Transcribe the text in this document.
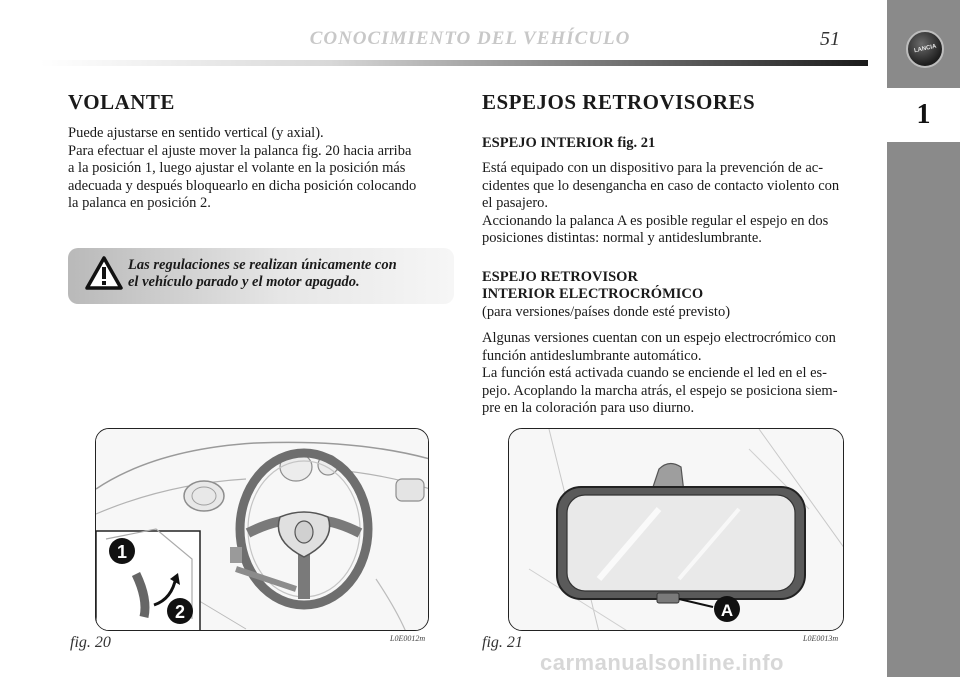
CONOCIMIENTO DEL VEHÍCULO	51	LANCIA
1
VOLANTE
Puede ajustarse en sentido vertical (y axial).
Para efectuar el ajuste mover la palanca fig. 20 hacia arriba
a la posición 1, luego ajustar el volante en la posición más
adecuada y después bloquearlo en dicha posición colocando
la palanca en posición 2.
Las regulaciones se realizan únicamente con
el vehículo parado y el motor apagado.
ESPEJOS RETROVISORES
ESPEJO INTERIOR fig. 21
Está equipado con un dispositivo para la prevención de ac-
cidentes que lo desengancha en caso de contacto violento con
el pasajero.
Accionando la palanca A es posible regular el espejo en dos
posiciones distintas: normal y antideslumbrante.
ESPEJO RETROVISOR
INTERIOR ELECTROCRÓMICO
(para versiones/países donde esté previsto)
Algunas versiones cuentan con un espejo electrocrómico con
función antideslumbrante automático.
La función está activada cuando se enciende el led en el es-
pejo. Acoplando la marcha atrás, el espejo se posiciona siem-
pre en la coloración para uso diurno.
1
2
fig. 20	L0E0012m
A
fig. 21	L0E0013m
carmanualsonline.info
